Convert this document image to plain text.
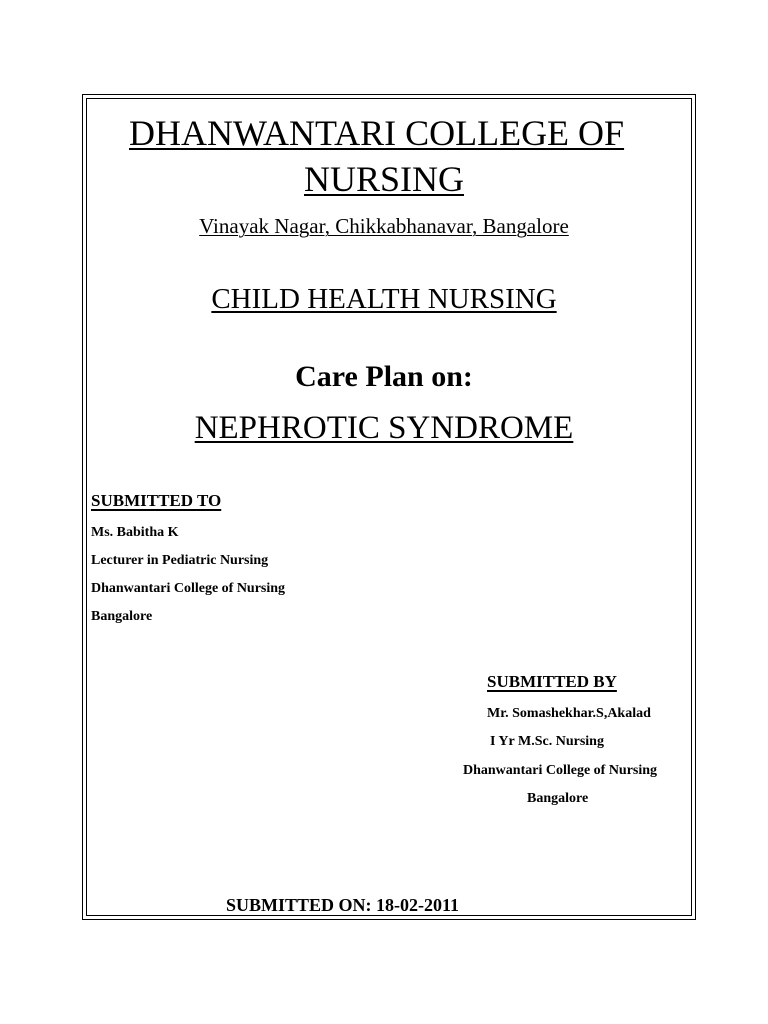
DHANWANTARI COLLEGE OF
NURSING
Vinayak Nagar, Chikkabhanavar, Bangalore
CHILD HEALTH NURSING
Care Plan on:
NEPHROTIC SYNDROME
SUBMITTED TO
Ms. Babitha K
Lecturer in Pediatric Nursing
Dhanwantari College of Nursing
Bangalore
SUBMITTED BY
Mr. Somashekhar.S,Akalad
I Yr M.Sc. Nursing
Dhanwantari College of Nursing
Bangalore
SUBMITTED ON: 18-02-2011
